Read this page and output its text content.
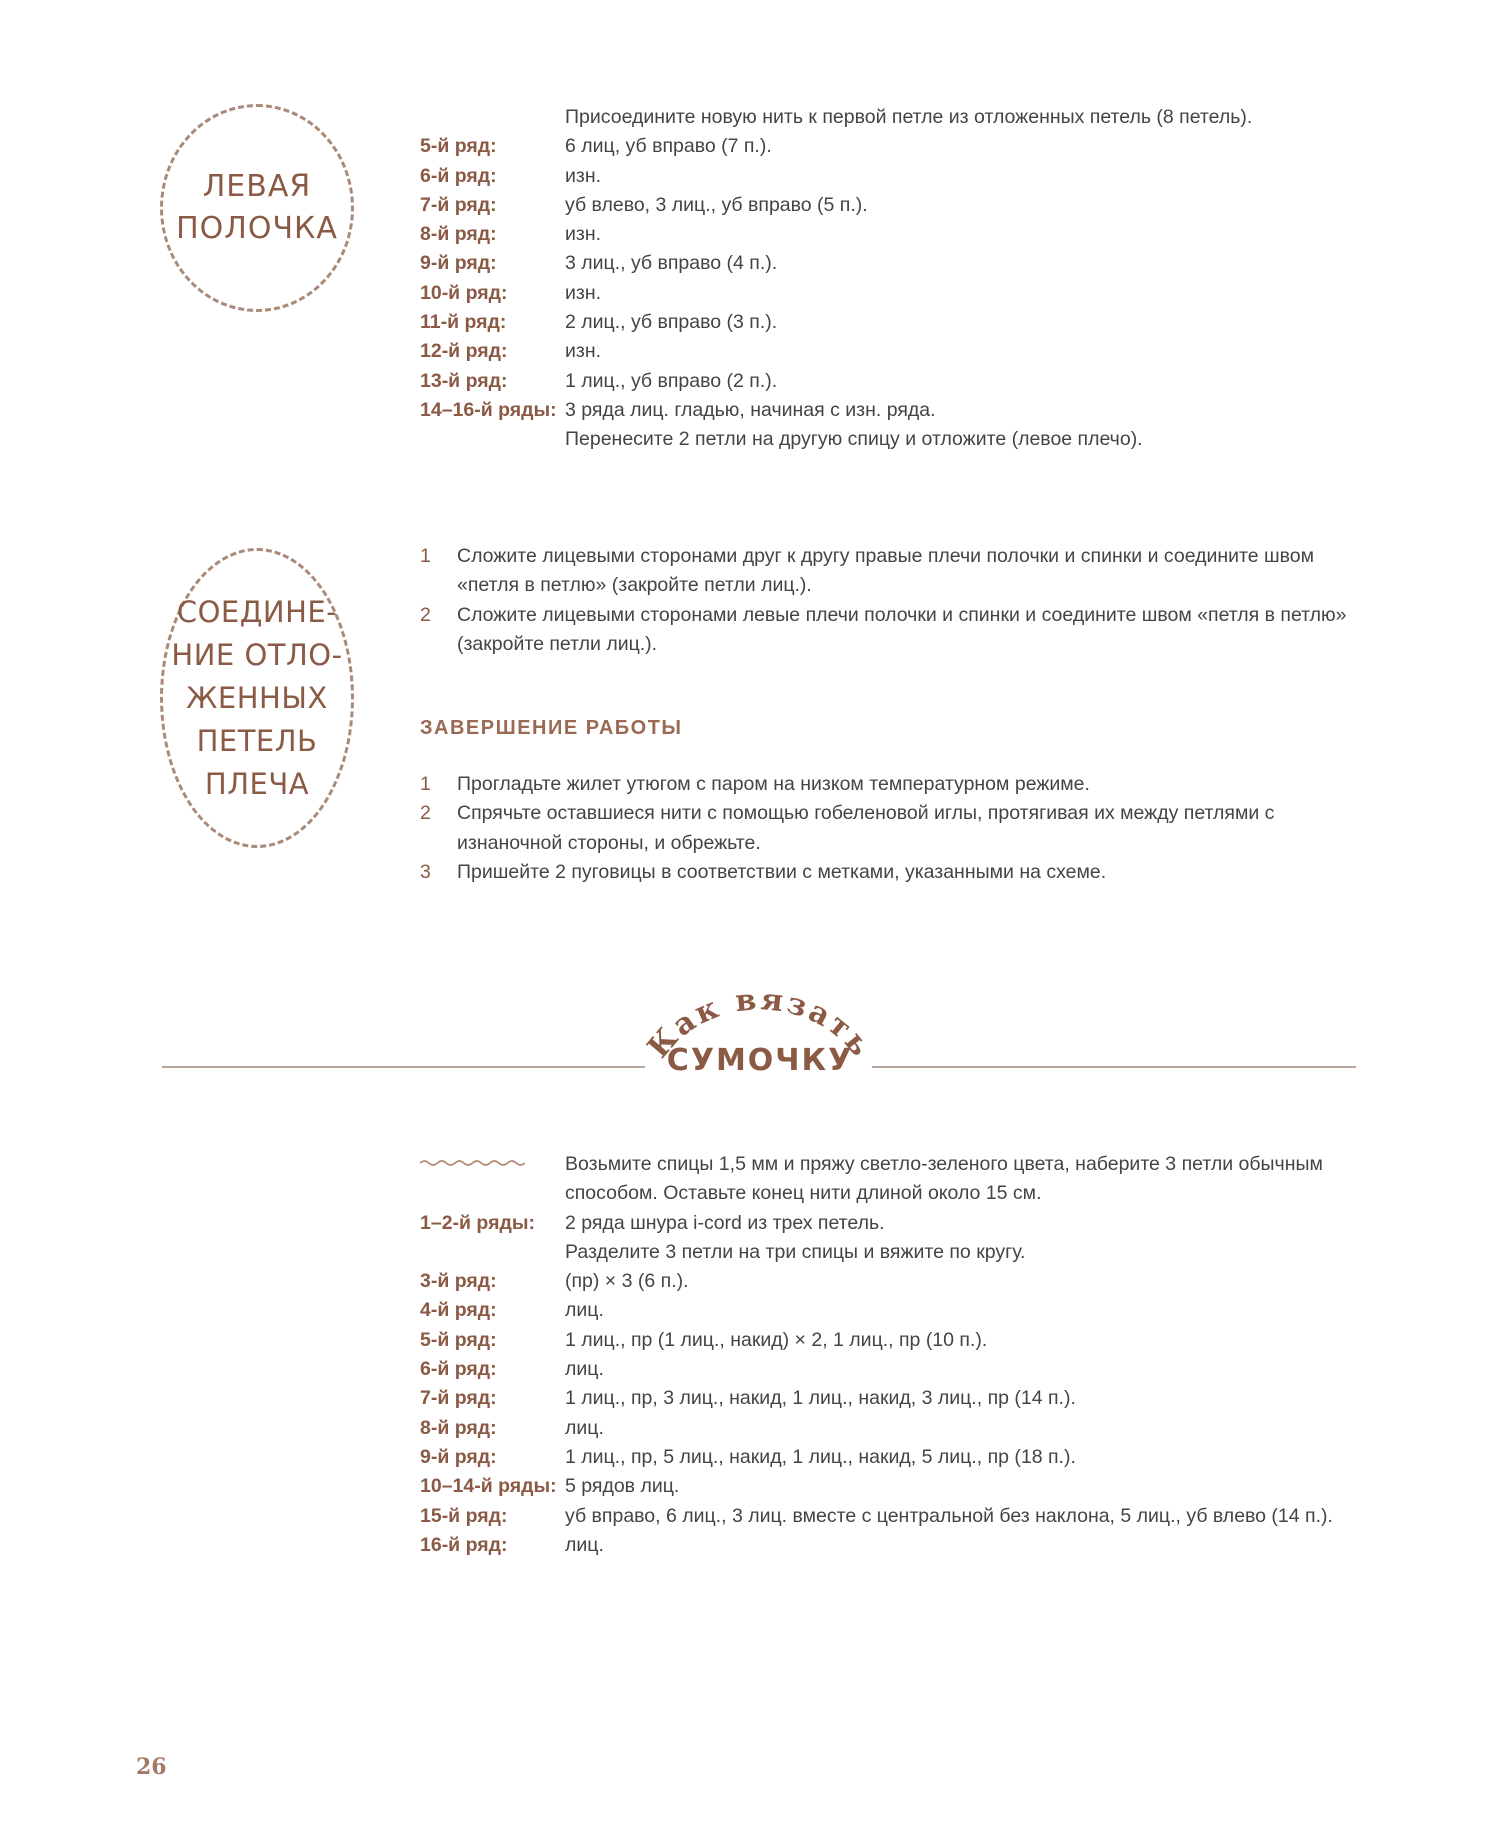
ЛЕВАЯ
ПОЛОЧКА
Присоедините новую нить к первой петле из отложенных петель (8 петель).
5-й ряд:	6 лиц, уб вправо (7 п.).
6-й ряд:	изн.
7-й ряд:	уб влево, 3 лиц., уб вправо (5 п.).
8-й ряд:	изн.
9-й ряд:	3 лиц., уб вправо (4 п.).
10-й ряд:	изн.
11-й ряд:	2 лиц., уб вправо (3 п.).
12-й ряд:	изн.
13-й ряд:	1 лиц., уб вправо (2 п.).
14–16-й ряды: 3 ряда лиц. гладью, начиная с изн. ряда.
Перенесите 2 петли на другую спицу и отложите (левое плечо).
СОЕДИНЕ-
НИЕ ОТЛО-
ЖЕННЫХ
ПЕТЕЛЬ
ПЛЕЧА
1	Сложите лицевыми сторонами друг к другу правые плечи полочки и спинки и соедините швом «петля в петлю» (закройте петли лиц.).
2	Сложите лицевыми сторонами левые плечи полочки и спинки и соедините швом «петля в петлю» (закройте петли лиц.).
ЗАВЕРШЕНИЕ РАБОТЫ
1	Прогладьте жилет утюгом с паром на низком температурном режиме.
2	Спрячьте оставшиеся нити с помощью гобеленовой иглы, протягивая их между петлями с изнаночной стороны, и обрежьте.
3	Пришейте 2 пуговицы в соответствии с метками, указанными на схеме.
Как вязать
СУМОЧКУ
Возьмите спицы 1,5 мм и пряжу светло-зеленого цвета, наберите 3 петли обычным способом. Оставьте конец нити длиной около 15 см.
1–2-й ряды:	2 ряда шнура i-cord из трех петель.
Разделите 3 петли на три спицы и вяжите по кругу.
3-й ряд:	(пр) × 3 (6 п.).
4-й ряд:	лиц.
5-й ряд:	1 лиц., пр (1 лиц., накид) × 2, 1 лиц., пр (10 п.).
6-й ряд:	лиц.
7-й ряд:	1 лиц., пр, 3 лиц., накид, 1 лиц., накид, 3 лиц., пр (14 п.).
8-й ряд:	лиц.
9-й ряд:	1 лиц., пр, 5 лиц., накид, 1 лиц., накид, 5 лиц., пр (18 п.).
10–14-й ряды: 5 рядов лиц.
15-й ряд:	уб вправо, 6 лиц., 3 лиц. вместе с центральной без наклона, 5 лиц., уб влево (14 п.).
16-й ряд:	лиц.
26
